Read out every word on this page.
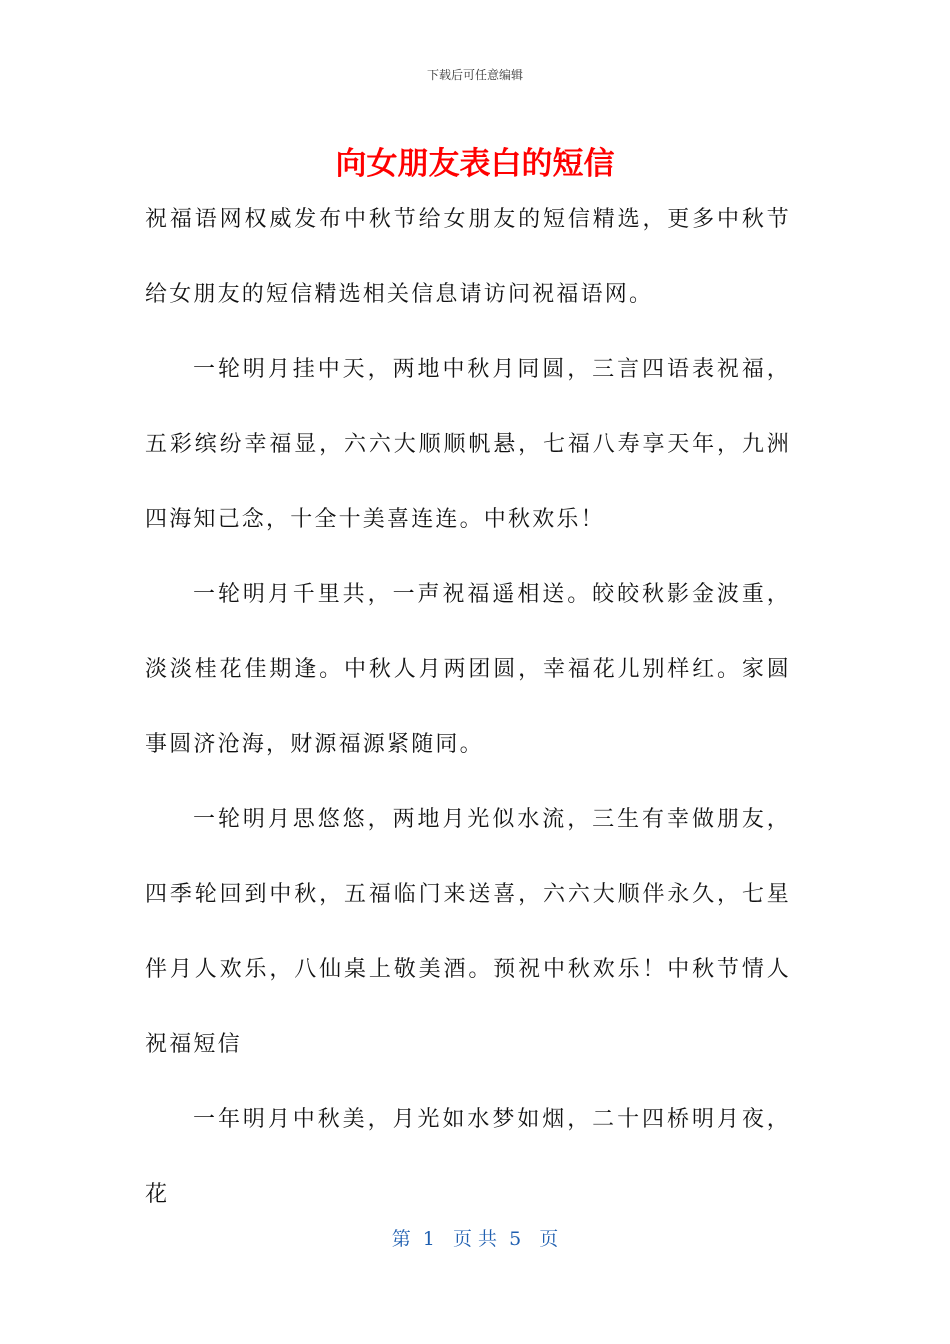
下载后可任意编辑
向女朋友表白的短信

祝福语网权威发布中秋节给女朋友的短信精选，更多中秋节给女朋友的短信精选相关信息请访问祝福语网。

一轮明月挂中天，两地中秋月同圆，三言四语表祝福，五彩缤纷幸福显，六六大顺顺帆悬，七福八寿享天年，九洲四海知己念，十全十美喜连连。中秋欢乐！

一轮明月千里共，一声祝福遥相送。皎皎秋影金波重，淡淡桂花佳期逢。中秋人月两团圆，幸福花儿别样红。家圆事圆济沧海，财源福源紧随同。

一轮明月思悠悠，两地月光似水流，三生有幸做朋友，四季轮回到中秋，五福临门来送喜，六六大顺伴永久，七星伴月人欢乐，八仙桌上敬美酒。预祝中秋欢乐！中秋节情人祝福短信

一年明月中秋美，月光如水梦如烟，二十四桥明月夜，花

第  1   页 共  5   页
